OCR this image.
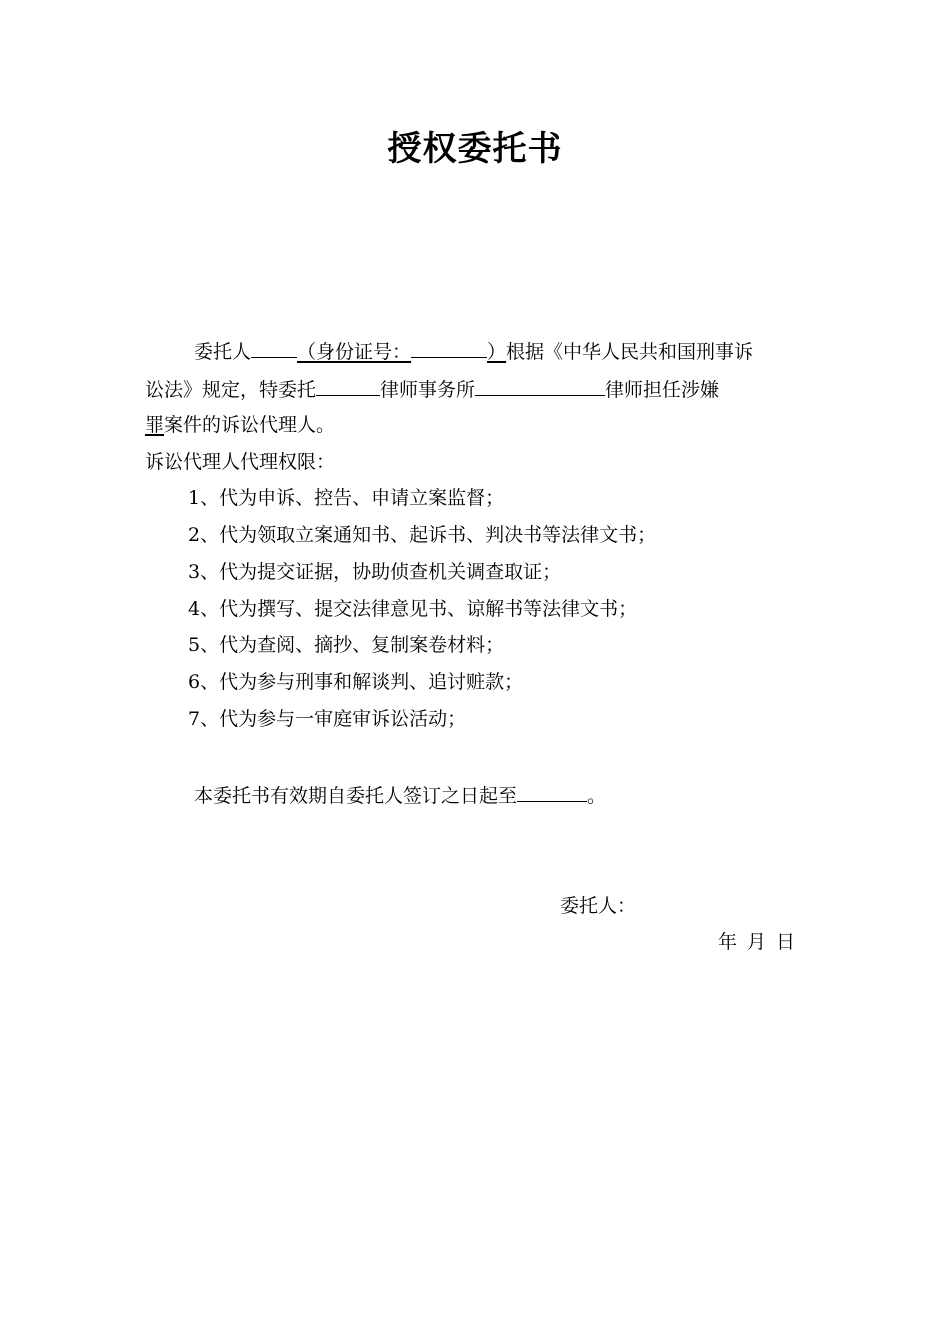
授权委托书
委托人 （身份证号：	）根据《中华人民共和国刑事诉
讼法》规定，特委托	律师事务所	律师担任涉嫌
罪案件的诉讼代理人。
诉讼代理人代理权限：
1、代为申诉、控告、申请立案监督；
2、代为领取立案通知书、起诉书、判决书等法律文书；
3、代为提交证据，协助侦查机关调查取证；
4、代为撰写、提交法律意见书、谅解书等法律文书；
5、代为查阅、摘抄、复制案卷材料；
6、代为参与刑事和解谈判、追讨赃款；
7、代为参与一审庭审诉讼活动；
本委托书有效期自委托人签订之日起至	。
委托人：
年 月 日
